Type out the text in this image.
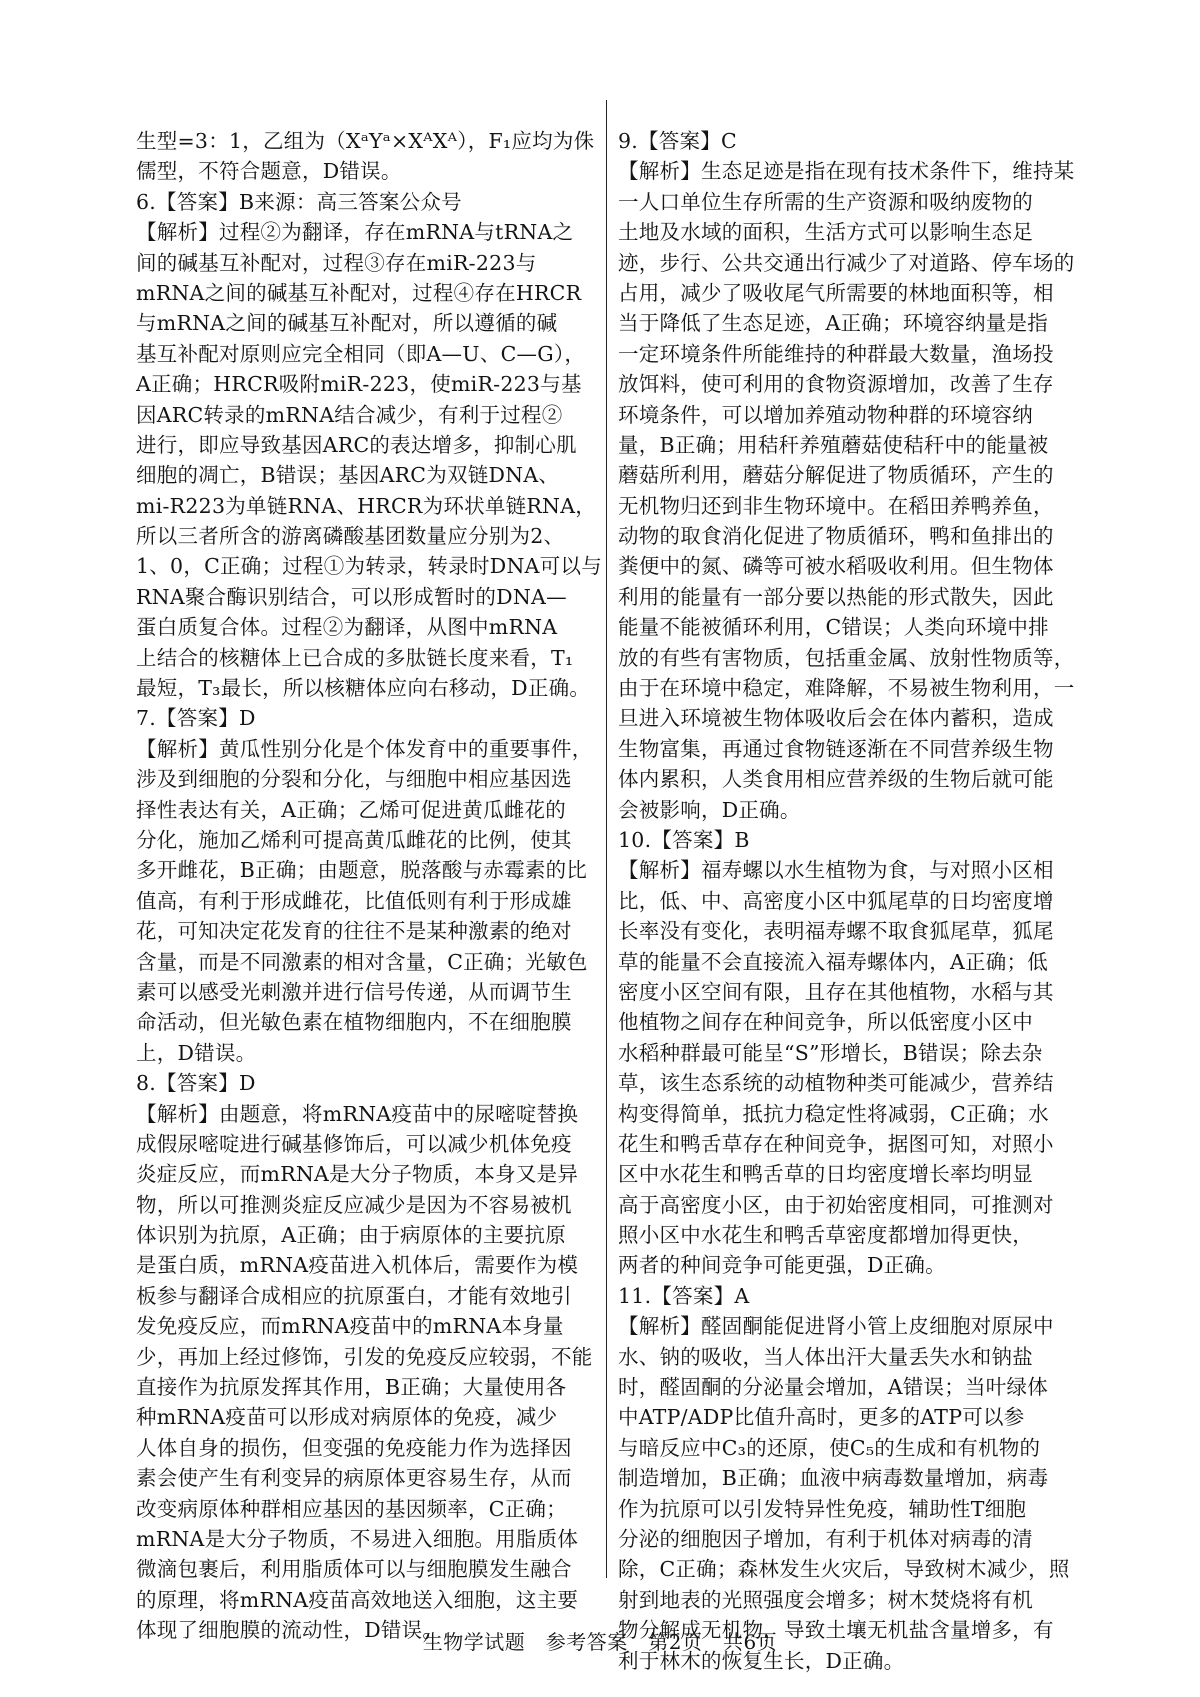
生型=3：1，乙组为（XᵃYᵃ×XᴬXᴬ），F₁应均为侏
儒型，不符合题意，D错误。
6.【答案】B来源：高三答案公众号
【解析】过程②为翻译，存在mRNA与tRNA之
间的碱基互补配对，过程③存在miR-223与
mRNA之间的碱基互补配对，过程④存在HRCR
与mRNA之间的碱基互补配对，所以遵循的碱
基互补配对原则应完全相同（即A—U、C—G），
A正确；HRCR吸附miR-223，使miR-223与基
因ARC转录的mRNA结合减少，有利于过程②
进行，即应导致基因ARC的表达增多，抑制心肌
细胞的凋亡，B错误；基因ARC为双链DNA、
mi-R223为单链RNA、HRCR为环状单链RNA，
所以三者所含的游离磷酸基团数量应分别为2、
1、0，C正确；过程①为转录，转录时DNA可以与
RNA聚合酶识别结合，可以形成暂时的DNA—
蛋白质复合体。过程②为翻译，从图中mRNA
上结合的核糖体上已合成的多肽链长度来看，T₁
最短，T₃最长，所以核糖体应向右移动，D正确。
7.【答案】D
【解析】黄瓜性别分化是个体发育中的重要事件，
涉及到细胞的分裂和分化，与细胞中相应基因选
择性表达有关，A正确；乙烯可促进黄瓜雌花的
分化，施加乙烯利可提高黄瓜雌花的比例，使其
多开雌花，B正确；由题意，脱落酸与赤霉素的比
值高，有利于形成雌花，比值低则有利于形成雄
花，可知决定花发育的往往不是某种激素的绝对
含量，而是不同激素的相对含量，C正确；光敏色
素可以感受光刺激并进行信号传递，从而调节生
命活动，但光敏色素在植物细胞内，不在细胞膜
上，D错误。
8.【答案】D
【解析】由题意，将mRNA疫苗中的尿嘧啶替换
成假尿嘧啶进行碱基修饰后，可以减少机体免疫
炎症反应，而mRNA是大分子物质，本身又是异
物，所以可推测炎症反应减少是因为不容易被机
体识别为抗原，A正确；由于病原体的主要抗原
是蛋白质，mRNA疫苗进入机体后，需要作为模
板参与翻译合成相应的抗原蛋白，才能有效地引
发免疫反应，而mRNA疫苗中的mRNA本身量
少，再加上经过修饰，引发的免疫反应较弱，不能
直接作为抗原发挥其作用，B正确；大量使用各
种mRNA疫苗可以形成对病原体的免疫，减少
人体自身的损伤，但变强的免疫能力作为选择因
素会使产生有利变异的病原体更容易生存，从而
改变病原体种群相应基因的基因频率，C正确；
mRNA是大分子物质，不易进入细胞。用脂质体
微滴包裹后，利用脂质体可以与细胞膜发生融合
的原理，将mRNA疫苗高效地送入细胞，这主要
体现了细胞膜的流动性，D错误。
9.【答案】C
【解析】生态足迹是指在现有技术条件下，维持某
一人口单位生存所需的生产资源和吸纳废物的
土地及水域的面积，生活方式可以影响生态足
迹，步行、公共交通出行减少了对道路、停车场的
占用，减少了吸收尾气所需要的林地面积等，相
当于降低了生态足迹，A正确；环境容纳量是指
一定环境条件所能维持的种群最大数量，渔场投
放饵料，使可利用的食物资源增加，改善了生存
环境条件，可以增加养殖动物种群的环境容纳
量，B正确；用秸秆养殖蘑菇使秸秆中的能量被
蘑菇所利用，蘑菇分解促进了物质循环，产生的
无机物归还到非生物环境中。在稻田养鸭养鱼，
动物的取食消化促进了物质循环，鸭和鱼排出的
粪便中的氮、磷等可被水稻吸收利用。但生物体
利用的能量有一部分要以热能的形式散失，因此
能量不能被循环利用，C错误；人类向环境中排
放的有些有害物质，包括重金属、放射性物质等，
由于在环境中稳定，难降解，不易被生物利用，一
旦进入环境被生物体吸收后会在体内蓄积，造成
生物富集，再通过食物链逐渐在不同营养级生物
体内累积，人类食用相应营养级的生物后就可能
会被影响，D正确。
10.【答案】B
【解析】福寿螺以水生植物为食，与对照小区相
比，低、中、高密度小区中狐尾草的日均密度增
长率没有变化，表明福寿螺不取食狐尾草，狐尾
草的能量不会直接流入福寿螺体内，A正确；低
密度小区空间有限，且存在其他植物，水稻与其
他植物之间存在种间竞争，所以低密度小区中
水稻种群最可能呈“S”形增长，B错误；除去杂
草，该生态系统的动植物种类可能减少，营养结
构变得简单，抵抗力稳定性将减弱，C正确；水
花生和鸭舌草存在种间竞争，据图可知，对照小
区中水花生和鸭舌草的日均密度增长率均明显
高于高密度小区，由于初始密度相同，可推测对
照小区中水花生和鸭舌草密度都增加得更快，
两者的种间竞争可能更强，D正确。
11.【答案】A
【解析】醛固酮能促进肾小管上皮细胞对原尿中
水、钠的吸收，当人体出汗大量丢失水和钠盐
时，醛固酮的分泌量会增加，A错误；当叶绿体
中ATP/ADP比值升高时，更多的ATP可以参
与暗反应中C₃的还原，使C₅的生成和有机物的
制造增加，B正确；血液中病毒数量增加，病毒
作为抗原可以引发特异性免疫，辅助性T细胞
分泌的细胞因子增加，有利于机体对病毒的清
除，C正确；森林发生火灾后，导致树木减少，照
射到地表的光照强度会增多；树木焚烧将有机
物分解成无机物，导致土壤无机盐含量增多，有
利于林木的恢复生长，D正确。
生物学试题　参考答案　第2页　共6页
